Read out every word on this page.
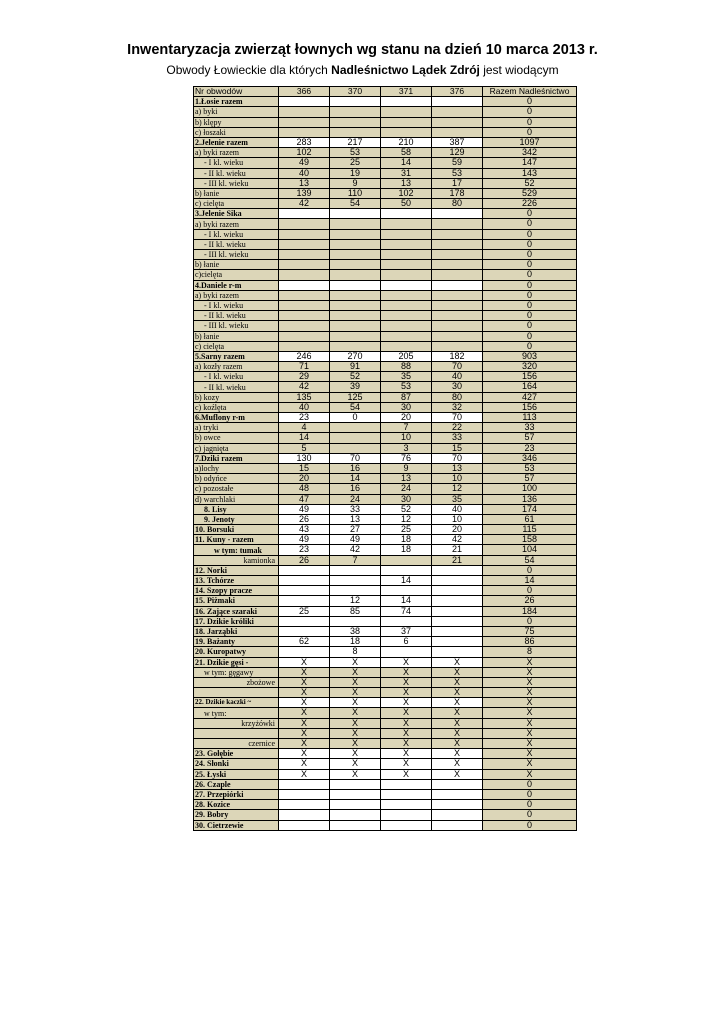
Inwentaryzacja zwierząt łownych wg stanu na dzień 10 marca 2013 r.
Obwody Łowieckie dla których Nadleśnictwo Lądek Zdrój jest wiodącym
Nr obwodów	366	370	371	376	Razem Nadleśnictwo
1.Łosie razem					0
a) byki					0
b) klępy					0
c) łoszaki					0
2.Jelenie razem	283	217	210	387	1097
a) byki razem	102	53	58	129	342
- I kl. wieku	49	25	14	59	147
- II kl. wieku	40	19	31	53	143
- III kl. wieku	13	9	13	17	52
b) łanie	139	110	102	178	529
c) cielęta	42	54	50	80	226
3.Jelenie Sika					0
a) byki razem					0
- I kl. wieku					0
- II kl. wieku					0
- III kl. wieku					0
b) łanie					0
c)cielęta					0
4.Daniele r-m					0
a) byki razem					0
- I kl. wieku					0
- II kl. wieku					0
- III kl. wieku					0
b) łanie					0
c) cielęta					0
5.Sarny razem	246	270	205	182	903
a) kozły razem	71	91	88	70	320
- I kl. wieku	29	52	35	40	156
- II kl. wieku	42	39	53	30	164
b) kozy	135	125	87	80	427
c) koźlęta	40	54	30	32	156
6.Muflony r-m	23	0	20	70	113
a) tryki	4		7	22	33
b) owce	14		10	33	57
c) jagnięta	5		3	15	23
7.Dziki razem	130	70	76	70	346
a)lochy	15	16	9	13	53
b) odyńce	20	14	13	10	57
c) pozostałe	48	16	24	12	100
d) warchlaki	47	24	30	35	136
8. Lisy	49	33	52	40	174
9. Jenoty	26	13	12	10	61
10. Borsuki	43	27	25	20	115
11. Kuny - razem	49	49	18	42	158
w tym: tumak	23	42	18	21	104
kamionka	26	7		21	54
12. Norki					0
13. Tchórze			14		14
14. Szopy pracze					0
15. Piżmaki		12	14		26
16. Zające szaraki	25	85	74		184
17. Dzikie króliki					0
18. Jarząbki		38	37		75
19. Bażanty	62	18	6		86
20. Kuropatwy		8			8
21. Dzikie gęsi -	X	X	X	X	X
w tym: gęgawy	X	X	X	X	X
zbożowe	X	X	X	X	X
	X	X	X	X	X
22. Dzikie kaczki ~	X	X	X	X	X
w tym:	X	X	X	X	X
krzyżówki	X	X	X	X	X
	X	X	X	X	X
czernice	X	X	X	X	X
23. Gołębie	X	X	X	X	X
24. Słonki	X	X	X	X	X
25. Łyski	X	X	X	X	X
26. Czaple					0
27. Przepiórki					0
28. Kozice					0
29. Bobry					0
30. Cietrzewie					0
